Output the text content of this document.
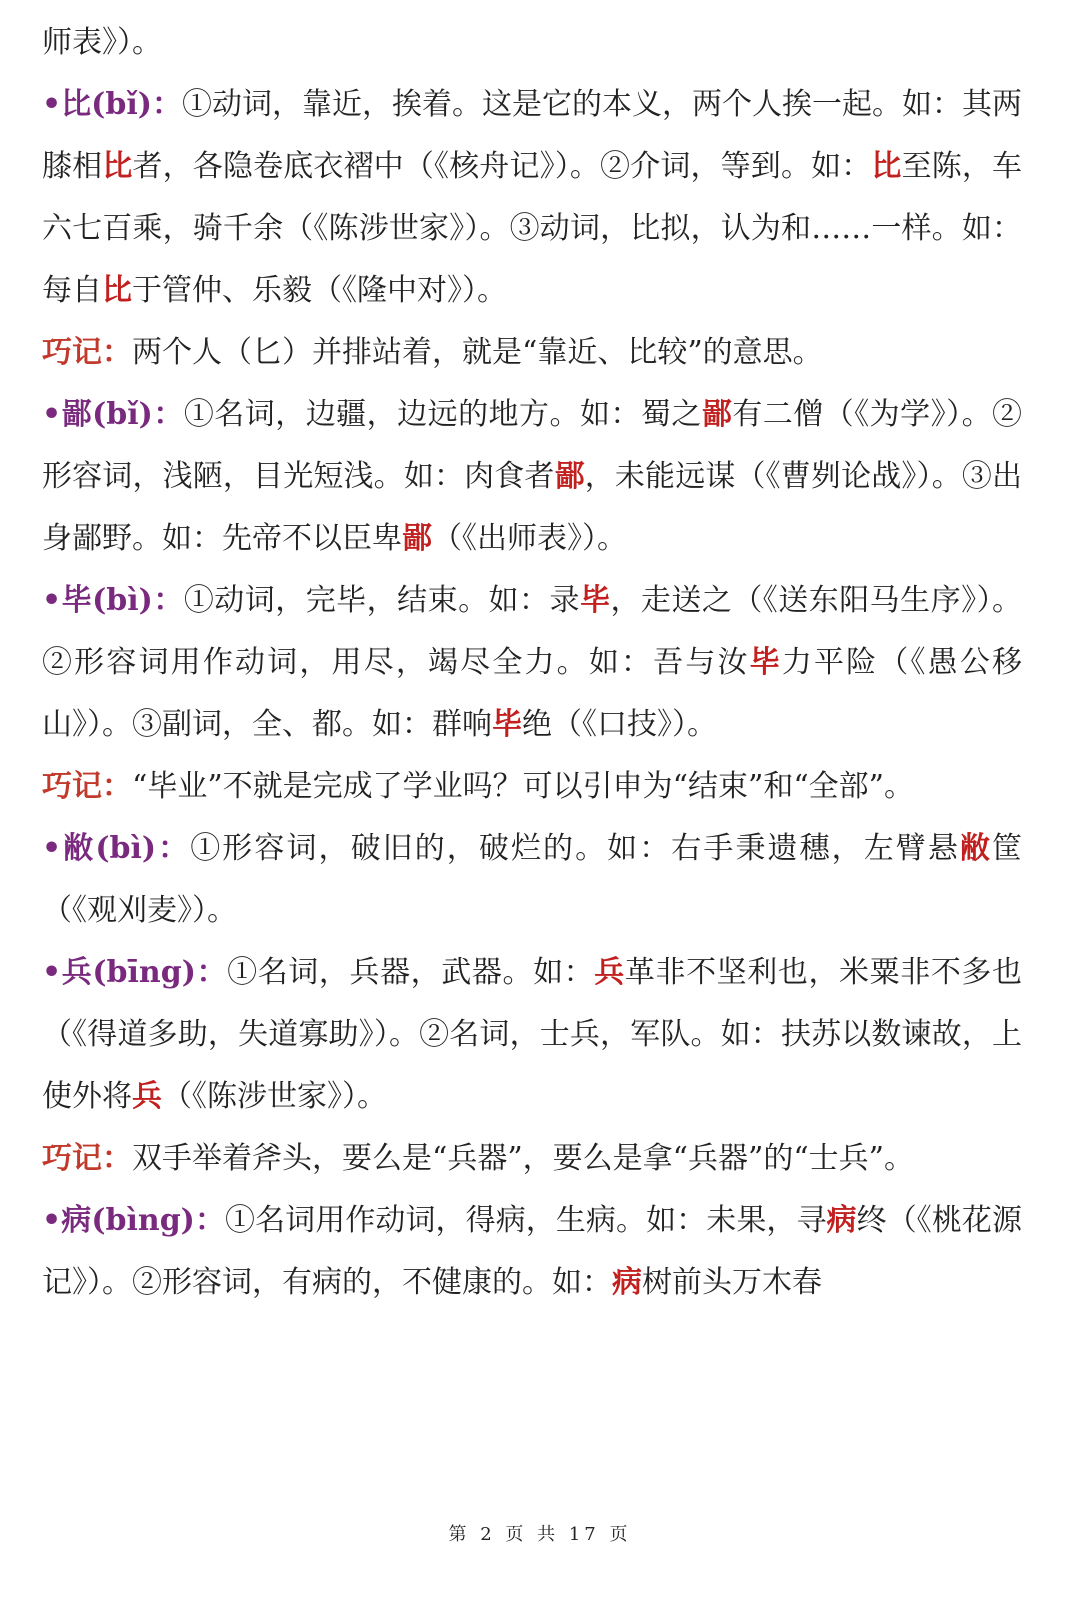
师表》）。

•比(bǐ)：①动词，靠近，挨着。这是它的本义，两个人挨一起。如：其两膝相比者，各隐卷底衣褶中（《核舟记》）。②介词，等到。如：比至陈，车六七百乘，骑千余（《陈涉世家》）。③动词，比拟，认为和……一样。如：每自比于管仲、乐毅（《隆中对》）。

巧记：两个人（匕）并排站着，就是“靠近、比较”的意思。

•鄙(bǐ)：①名词，边疆，边远的地方。如：蜀之鄙有二僧（《为学》）。②形容词，浅陋，目光短浅。如：肉食者鄙，未能远谋（《曹刿论战》）。③出身鄙野。如：先帝不以臣卑鄙（《出师表》）。

•毕(bì)：①动词，完毕，结束。如：录毕，走送之（《送东阳马生序》）。②形容词用作动词，用尽，竭尽全力。如：吾与汝毕力平险（《愚公移山》）。③副词，全、都。如：群响毕绝（《口技》）。

巧记：“毕业”不就是完成了学业吗？可以引申为“结束”和“全部”。

•敝(bì)：①形容词，破旧的，破烂的。如：右手秉遗穗，左臂悬敝筐（《观刈麦》）。

•兵(bīng)：①名词，兵器，武器。如：兵革非不坚利也，米粟非不多也（《得道多助，失道寡助》）。②名词，士兵，军队。如：扶苏以数谏故，上使外将兵（《陈涉世家》）。

巧记：双手举着斧头，要么是“兵器”，要么是拿“兵器”的“士兵”。

•病(bìng)：①名词用作动词，得病，生病。如：未果，寻病终（《桃花源记》）。②形容词，有病的，不健康的。如：病树前头万木春

第 2 页 共 17 页
